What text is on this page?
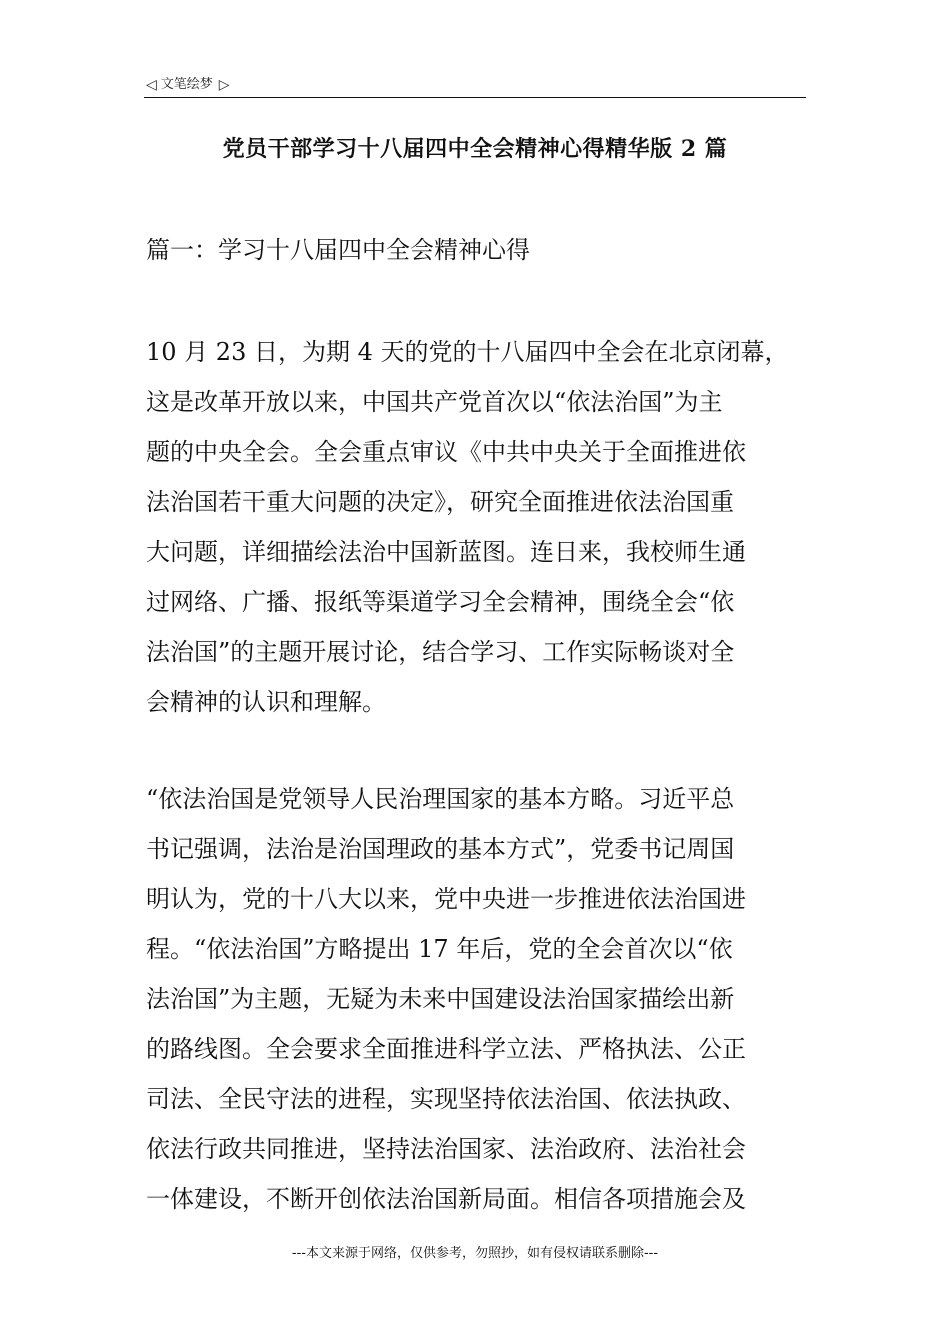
◁ 文笔绘梦 ▷
党员干部学习十八届四中全会精神心得精华版 2 篇
篇一：学习十八届四中全会精神心得
10 月 23 日，为期 4 天的党的十八届四中全会在北京闭幕，
这是改革开放以来，中国共产党首次以“依法治国”为主
题的中央全会。全会重点审议《中共中央关于全面推进依
法治国若干重大问题的决定》，研究全面推进依法治国重
大问题，详细描绘法治中国新蓝图。连日来，我校师生通
过网络、广播、报纸等渠道学习全会精神，围绕全会“依
法治国”的主题开展讨论，结合学习、工作实际畅谈对全
会精神的认识和理解。
“依法治国是党领导人民治理国家的基本方略。习近平总
书记强调，法治是治国理政的基本方式”，党委书记周国
明认为，党的十八大以来，党中央进一步推进依法治国进
程。“依法治国”方略提出 17 年后，党的全会首次以“依
法治国”为主题，无疑为未来中国建设法治国家描绘出新
的路线图。全会要求全面推进科学立法、严格执法、公正
司法、全民守法的进程，实现坚持依法治国、依法执政、
依法行政共同推进，坚持法治国家、法治政府、法治社会
一体建设，不断开创依法治国新局面。相信各项措施会及
---本文来源于网络，仅供参考，勿照抄，如有侵权请联系删除---
